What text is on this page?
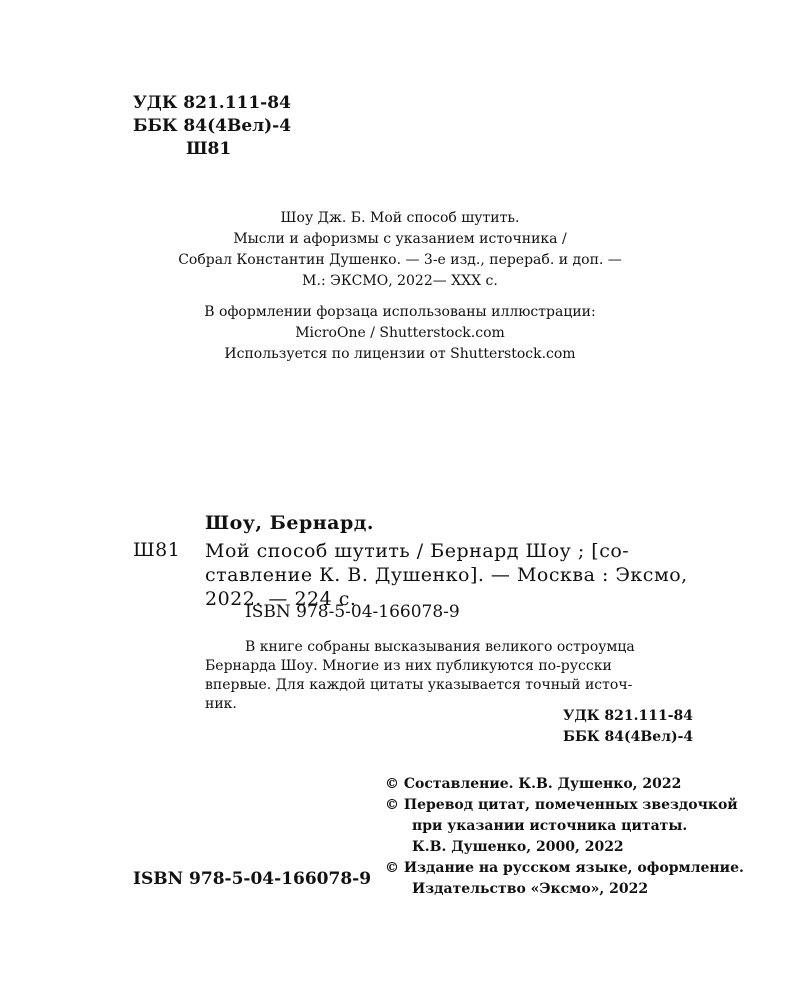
УДК 821.111-84
ББК 84(4Вел)-4
Ш81
Шоу Дж. Б. Мой способ шутить.
Мысли и афоризмы с указанием источника /
Собрал Константин Душенко. — 3-е изд., перераб. и доп. —
М.: ЭКСМО, 2022— XXX с.
В оформлении форзаца использованы иллюстрации:
MicroOne / Shutterstock.com
Используется по лицензии от Shutterstock.com
Шоу, Бернард.
Ш81 Мой способ шутить / Бернард Шоу ; [со-
ставление К. В. Душенко]. — Москва : Эксмо,
2022. — 224 с.
ISBN 978-5-04-166078-9
В книге собраны высказывания великого остроумца
Бернарда Шоу. Многие из них публикуются по-русски
впервые. Для каждой цитаты указывается точный источ-
ник.
УДК 821.111-84
ББК 84(4Вел)-4
© Составление. К.В. Душенко, 2022
© Перевод цитат, помеченных звездочкой
при указании источника цитаты.
К.В. Душенко, 2000, 2022
© Издание на русском языке, оформление.
Издательство «Эксмо», 2022
ISBN 978-5-04-166078-9
